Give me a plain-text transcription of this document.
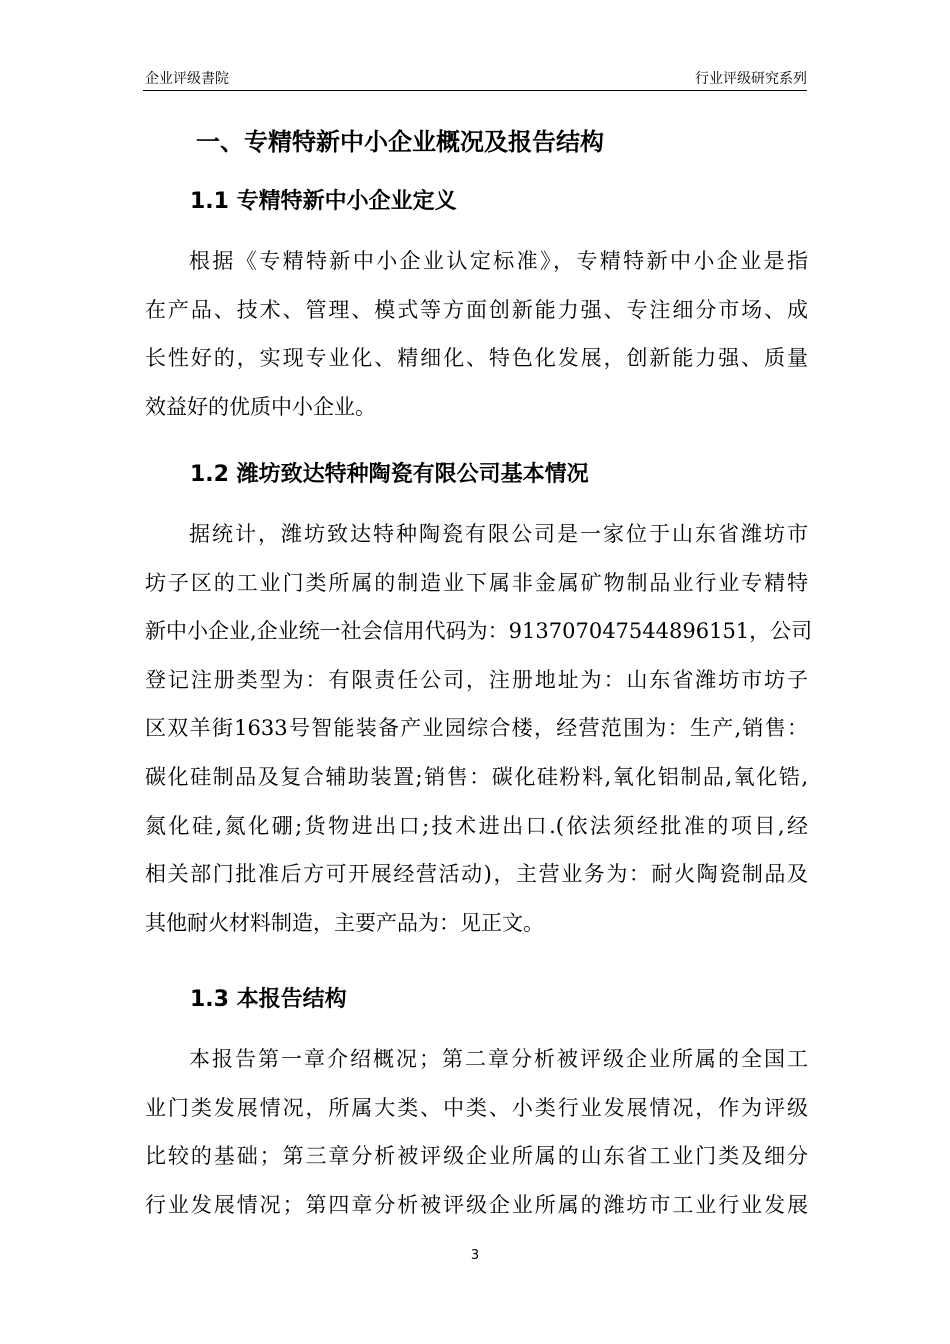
企业评级書院	行业评级研究系列
一、专精特新中小企业概况及报告结构
1.1 专精特新中小企业定义
根据《专精特新中小企业认定标准》，专精特新中小企业是指
在产品、技术、管理、模式等方面创新能力强、专注细分市场、成
长性好的，实现专业化、精细化、特色化发展，创新能力强、质量
效益好的优质中小企业。
1.2 潍坊致达特种陶瓷有限公司基本情况
据统计，潍坊致达特种陶瓷有限公司是一家位于山东省潍坊市
坊子区的工业门类所属的制造业下属非金属矿物制品业行业专精特
新中小企业,企业统一社会信用代码为：913707047544896151，公司
登记注册类型为：有限责任公司，注册地址为：山东省潍坊市坊子
区双羊街1633号智能装备产业园综合楼，经营范围为：生产,销售：
碳化硅制品及复合辅助装置;销售：碳化硅粉料,氧化铝制品,氧化锆,
氮化硅,氮化硼;货物进出口;技术进出口.(依法须经批准的项目,经
相关部门批准后方可开展经营活动)，主营业务为：耐火陶瓷制品及
其他耐火材料制造，主要产品为：见正文。
1.3 本报告结构
本报告第一章介绍概况；第二章分析被评级企业所属的全国工
业门类发展情况，所属大类、中类、小类行业发展情况，作为评级
比较的基础；第三章分析被评级企业所属的山东省工业门类及细分
行业发展情况；第四章分析被评级企业所属的潍坊市工业行业发展
3
